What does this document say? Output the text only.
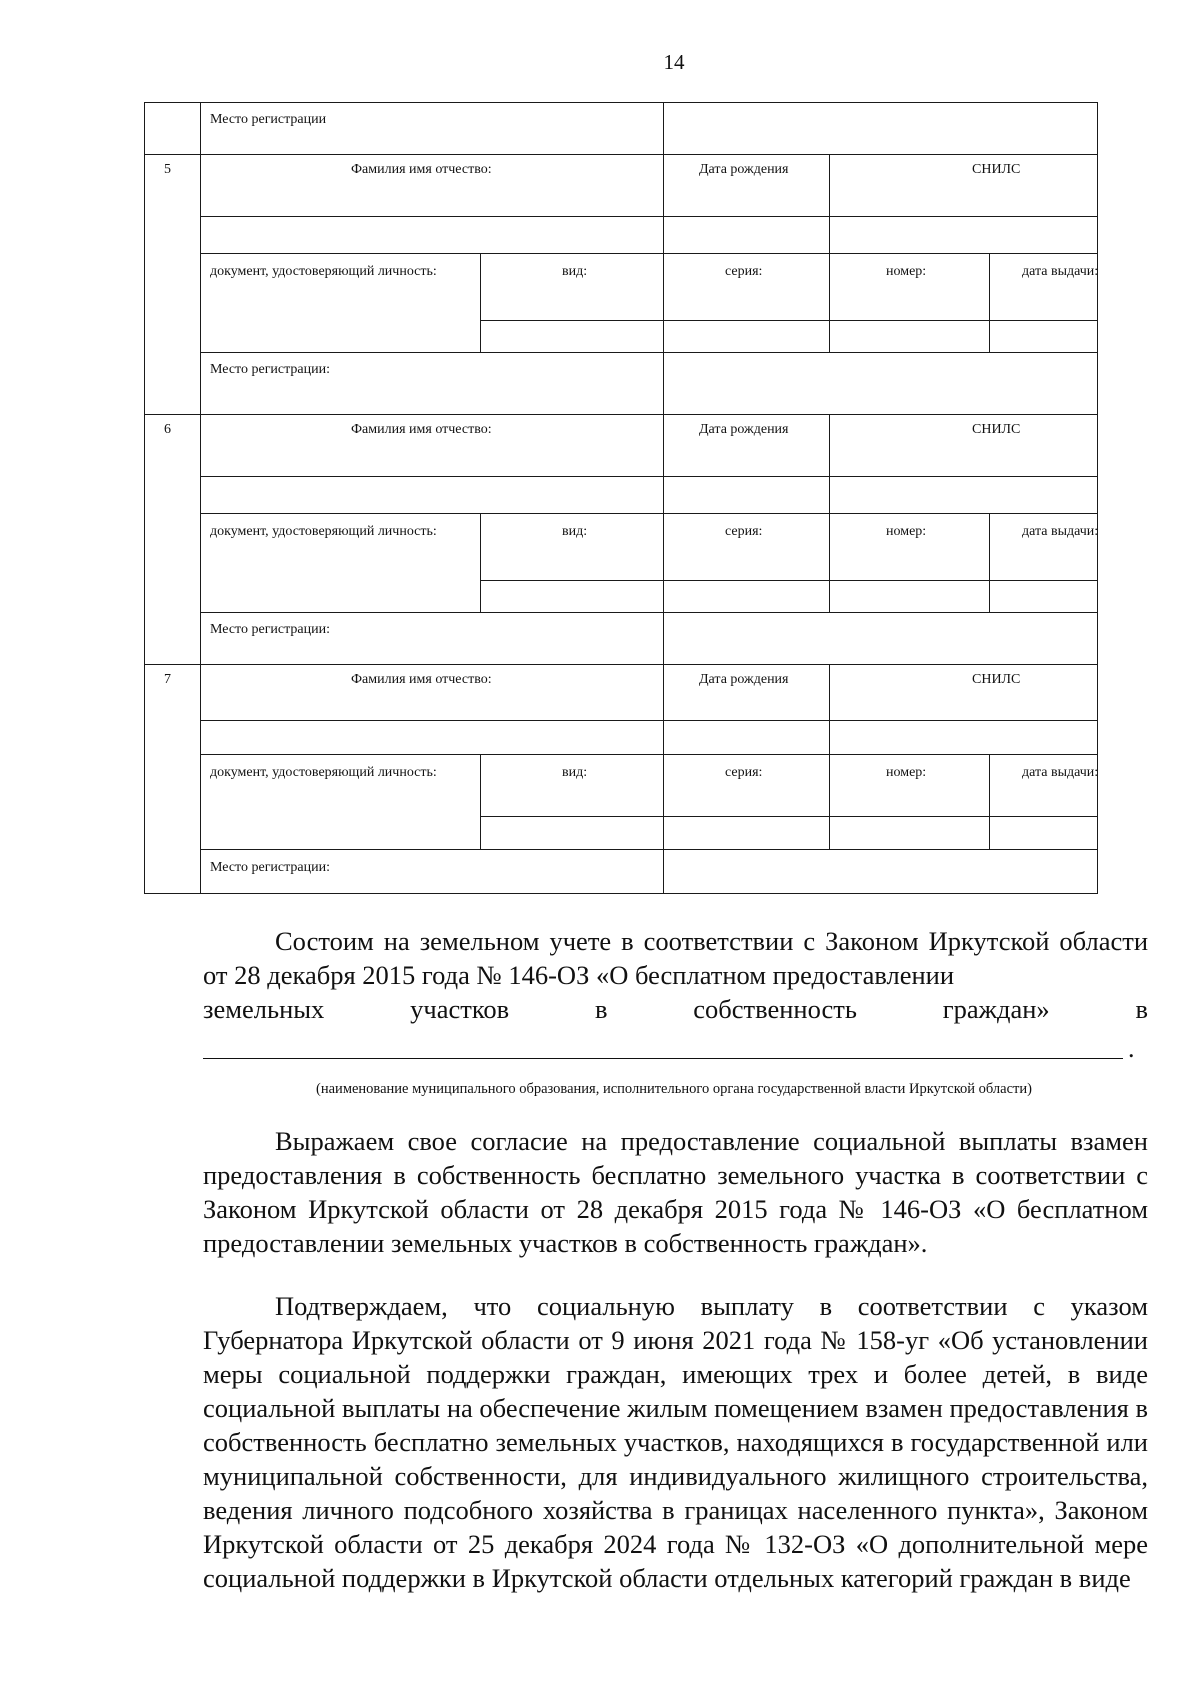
14
Место регистрации
5	Фамилия имя отчество:	Дата рождения	СНИЛС
документ, удостоверяющий личность:	вид:	серия:	номер:	дата выдачи:
Место регистрации:
6	Фамилия имя отчество:	Дата рождения	СНИЛС
документ, удостоверяющий личность:	вид:	серия:	номер:	дата выдачи:
Место регистрации:
7	Фамилия имя отчество:	Дата рождения	СНИЛС
документ, удостоверяющий личность:	вид:	серия:	номер:	дата выдачи:
Место регистрации:
Состоим на земельном учете в соответствии с Законом Иркутской области от 28 декабря 2015 года № 146-ОЗ «О бесплатном предоставлении
земельных участков в собственность граждан» в
.
(наименование муниципального образования, исполнительного органа государственной власти Иркутской области)
Выражаем свое согласие на предоставление социальной выплаты взамен предоставления в собственность бесплатно земельного участка в соответствии с Законом Иркутской области от 28 декабря 2015 года № 146-ОЗ «О бесплатном предоставлении земельных участков в собственность граждан».
Подтверждаем, что социальную выплату в соответствии с указом Губернатора Иркутской области от 9 июня 2021 года № 158-уг «Об установлении меры социальной поддержки граждан, имеющих трех и более детей, в виде социальной выплаты на обеспечение жилым помещением взамен предоставления в собственность бесплатно земельных участков, находящихся в государственной или муниципальной собственности, для индивидуального жилищного строительства, ведения личного подсобного хозяйства в границах населенного пункта», Законом Иркутской области от 25 декабря 2024 года № 132-ОЗ «О дополнительной мере социальной поддержки в Иркутской области отдельных категорий граждан в виде
